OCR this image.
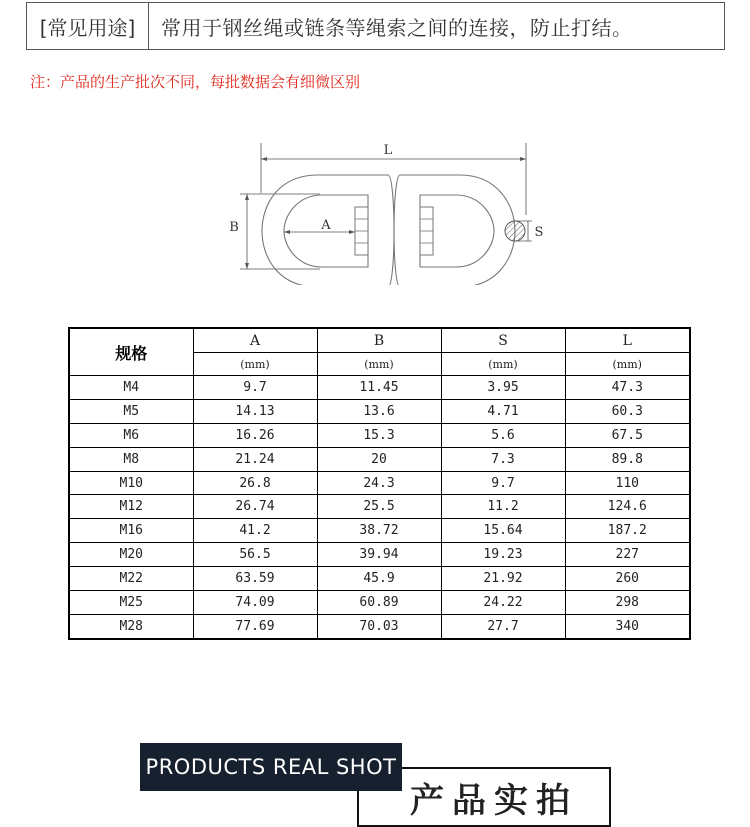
[常见用途]	常用于钢丝绳或链条等绳索之间的连接，防止打结。
注：产品的生产批次不同，每批数据会有细微区别
L
B	A	S
规格	A	B	S	L
	(mm)	(mm)	(mm)	(mm)
M4	9.7	11.45	3.95	47.3
M5	14.13	13.6	4.71	60.3
M6	16.26	15.3	5.6	67.5
M8	21.24	20	7.3	89.8
M10	26.8	24.3	9.7	110
M12	26.74	25.5	11.2	124.6
M16	41.2	38.72	15.64	187.2
M20	56.5	39.94	19.23	227
M22	63.59	45.9	21.92	260
M25	74.09	60.89	24.22	298
M28	77.69	70.03	27.7	340
PRODUCTS REAL SHOT
产品实拍
